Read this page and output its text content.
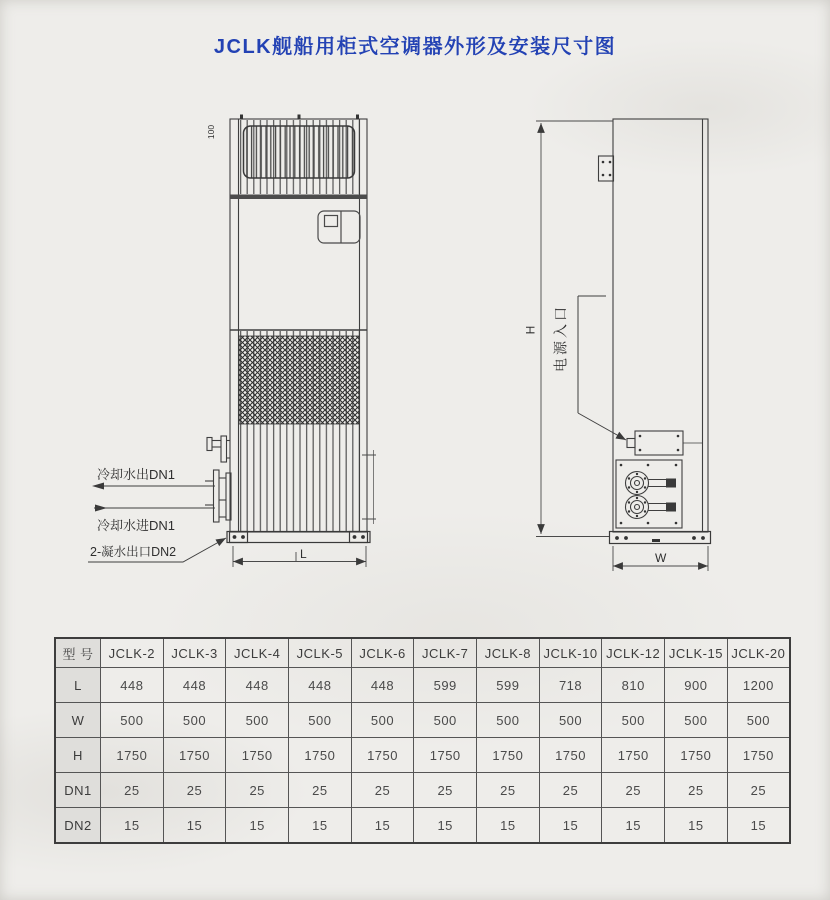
JCLK舰船用柜式空调器外形及安装尺寸图
100
L
冷却水出DN1
冷却水进DN1
2-凝水出口DN2
H 电源入口
W
型 号	JCLK-2	JCLK-3	JCLK-4	JCLK-5	JCLK-6	JCLK-7	JCLK-8	JCLK-10	JCLK-12	JCLK-15	JCLK-20
L	448	448	448	448	448	599	599	718	810	900	1200
W	500	500	500	500	500	500	500	500	500	500	500
H	1750	1750	1750	1750	1750	1750	1750	1750	1750	1750	1750
DN1	25	25	25	25	25	25	25	25	25	25	25
DN2	15	15	15	15	15	15	15	15	15	15	15
